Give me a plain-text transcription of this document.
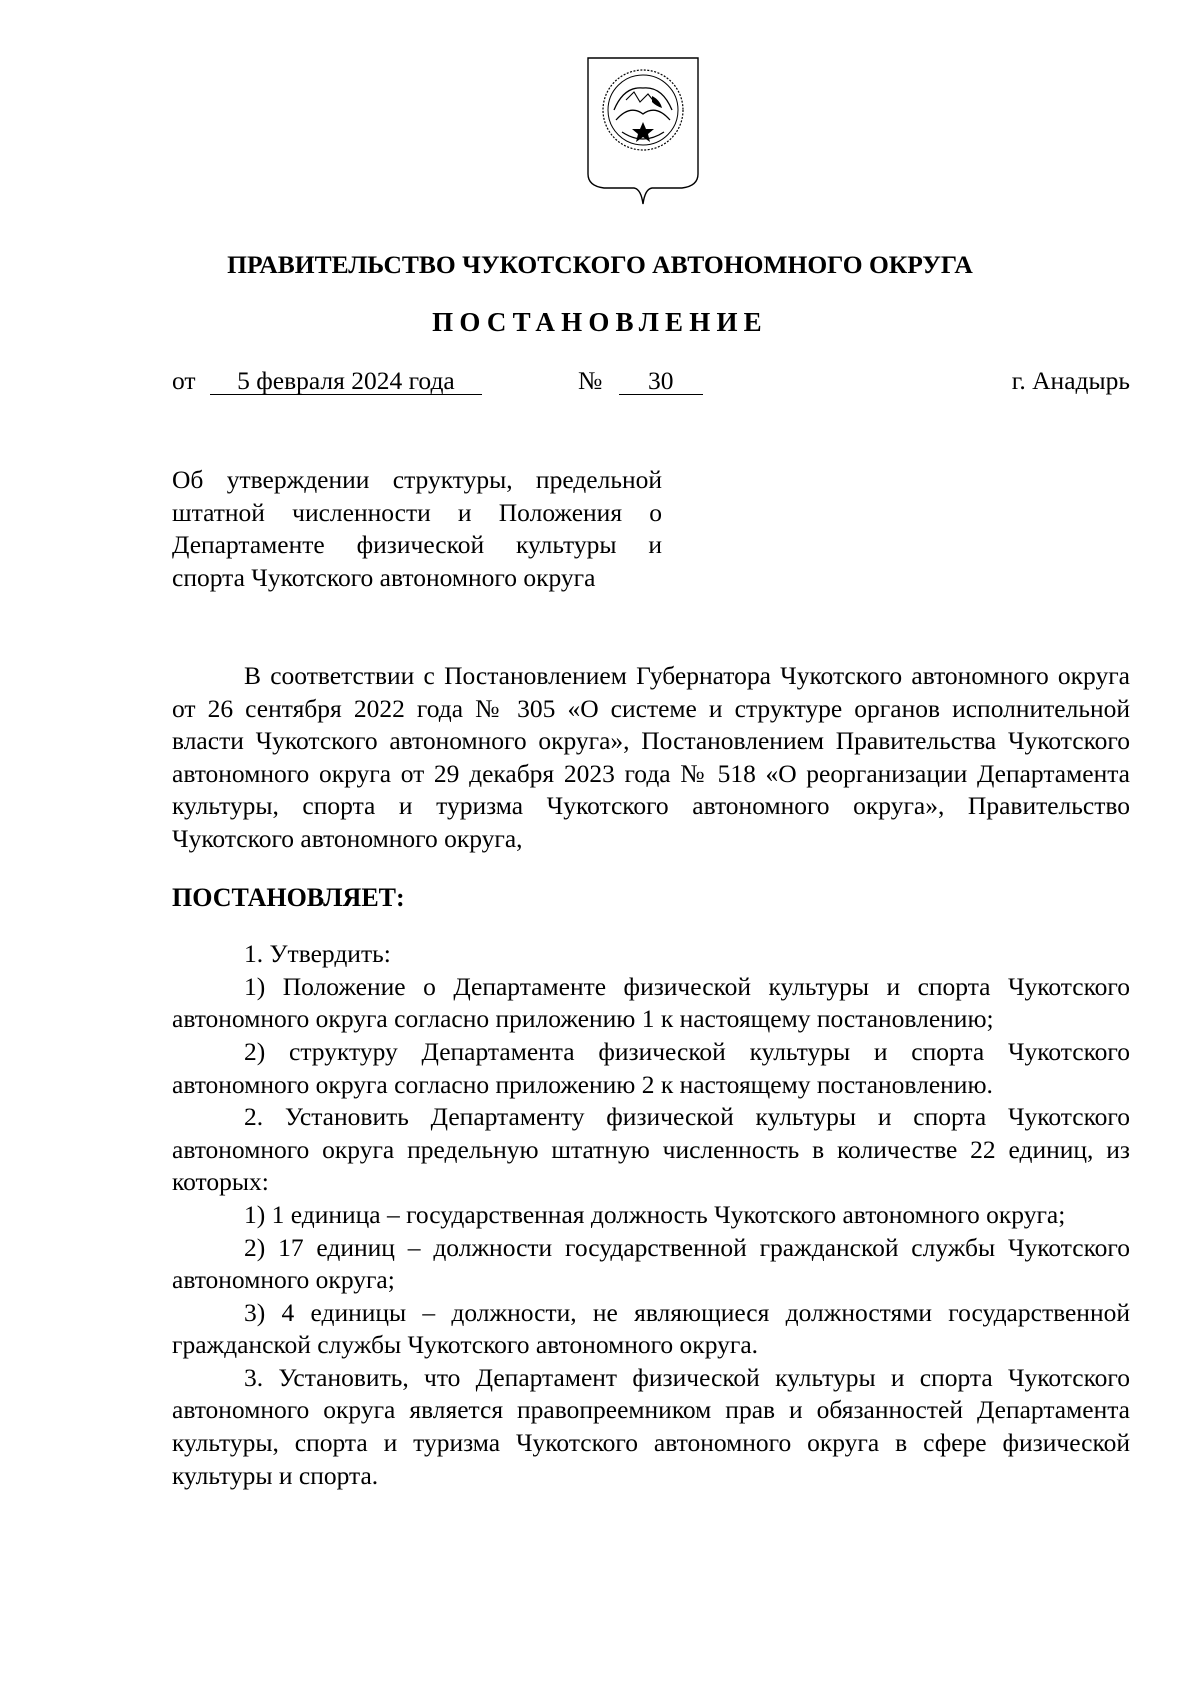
ПРАВИТЕЛЬСТВО ЧУКОТСКОГО АВТОНОМНОГО ОКРУГА
ПОСТАНОВЛЕНИЕ
от 5 февраля 2024 года	№ 30	г. Анадырь
Об утверждении структуры, предельной штатной численности и Положения о Департаменте физической культуры и спорта Чукотского автономного округа

В соответствии с Постановлением Губернатора Чукотского автономного округа от 26 сентября 2022 года № 305 «О системе и структуре органов исполнительной власти Чукотского автономного округа», Постановлением Правительства Чукотского автономного округа от 29 декабря 2023 года № 518 «О реорганизации Департамента культуры, спорта и туризма Чукотского автономного округа», Правительство Чукотского автономного округа,

ПОСТАНОВЛЯЕТ:

1. Утвердить:

1) Положение о Департаменте физической культуры и спорта Чукотского автономного округа согласно приложению 1 к настоящему постановлению;

2) структуру Департамента физической культуры и спорта Чукотского автономного округа согласно приложению 2 к настоящему постановлению.

2. Установить Департаменту физической культуры и спорта Чукотского автономного округа предельную штатную численность в количестве 22 единиц, из которых:

1) 1 единица – государственная должность Чукотского автономного округа;

2) 17 единиц – должности государственной гражданской службы Чукотского автономного округа;

3) 4 единицы – должности, не являющиеся должностями государственной гражданской службы Чукотского автономного округа.

3. Установить, что Департамент физической культуры и спорта Чукотского автономного округа является правопреемником прав и обязанностей Департамента культуры, спорта и туризма Чукотского автономного округа в сфере физической культуры и спорта.
